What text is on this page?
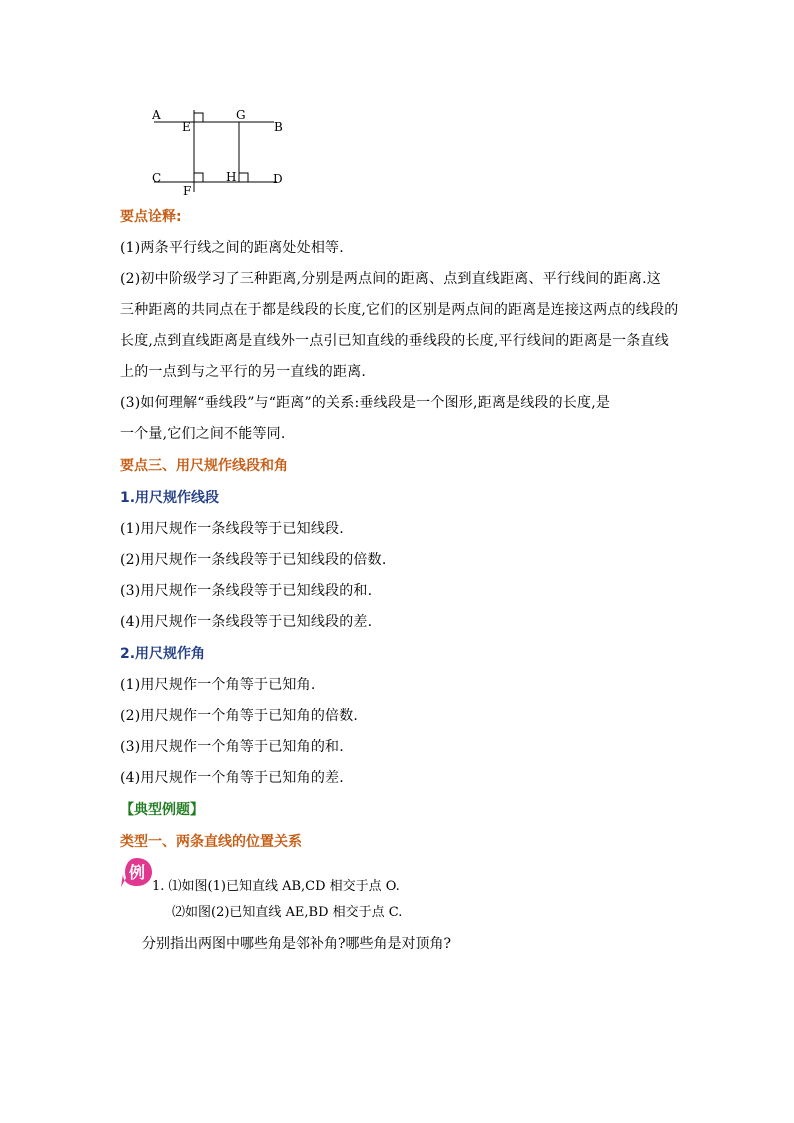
A
E
G
B
C
F
H	D
要点诠释:
(1)两条平行线之间的距离处处相等.
(2)初中阶级学习了三种距离,分别是两点间的距离、点到直线距离、平行线间的距离.这
三种距离的共同点在于都是线段的长度,它们的区别是两点间的距离是连接这两点的线段的
长度,点到直线距离是直线外一点引已知直线的垂线段的长度,平行线间的距离是一条直线
上的一点到与之平行的另一直线的距离.
(3)如何理解“垂线段”与“距离”的关系:垂线段是一个图形,距离是线段的长度,是
一个量,它们之间不能等同.
要点三、用尺规作线段和角
1.用尺规作线段
(1)用尺规作一条线段等于已知线段.
(2)用尺规作一条线段等于已知线段的倍数.
(3)用尺规作一条线段等于已知线段的和.
(4)用尺规作一条线段等于已知线段的差.
2.用尺规作角
(1)用尺规作一个角等于已知角.
(2)用尺规作一个角等于已知角的倍数.
(3)用尺规作一个角等于已知角的和.
(4)用尺规作一个角等于已知角的差.
【典型例题】
类型一、两条直线的位置关系
例
1. ⑴如图(1)已知直线 AB,CD 相交于点 O.
⑵如图(2)已知直线 AE,BD 相交于点 C.
分别指出两图中哪些角是邻补角?哪些角是对顶角?
